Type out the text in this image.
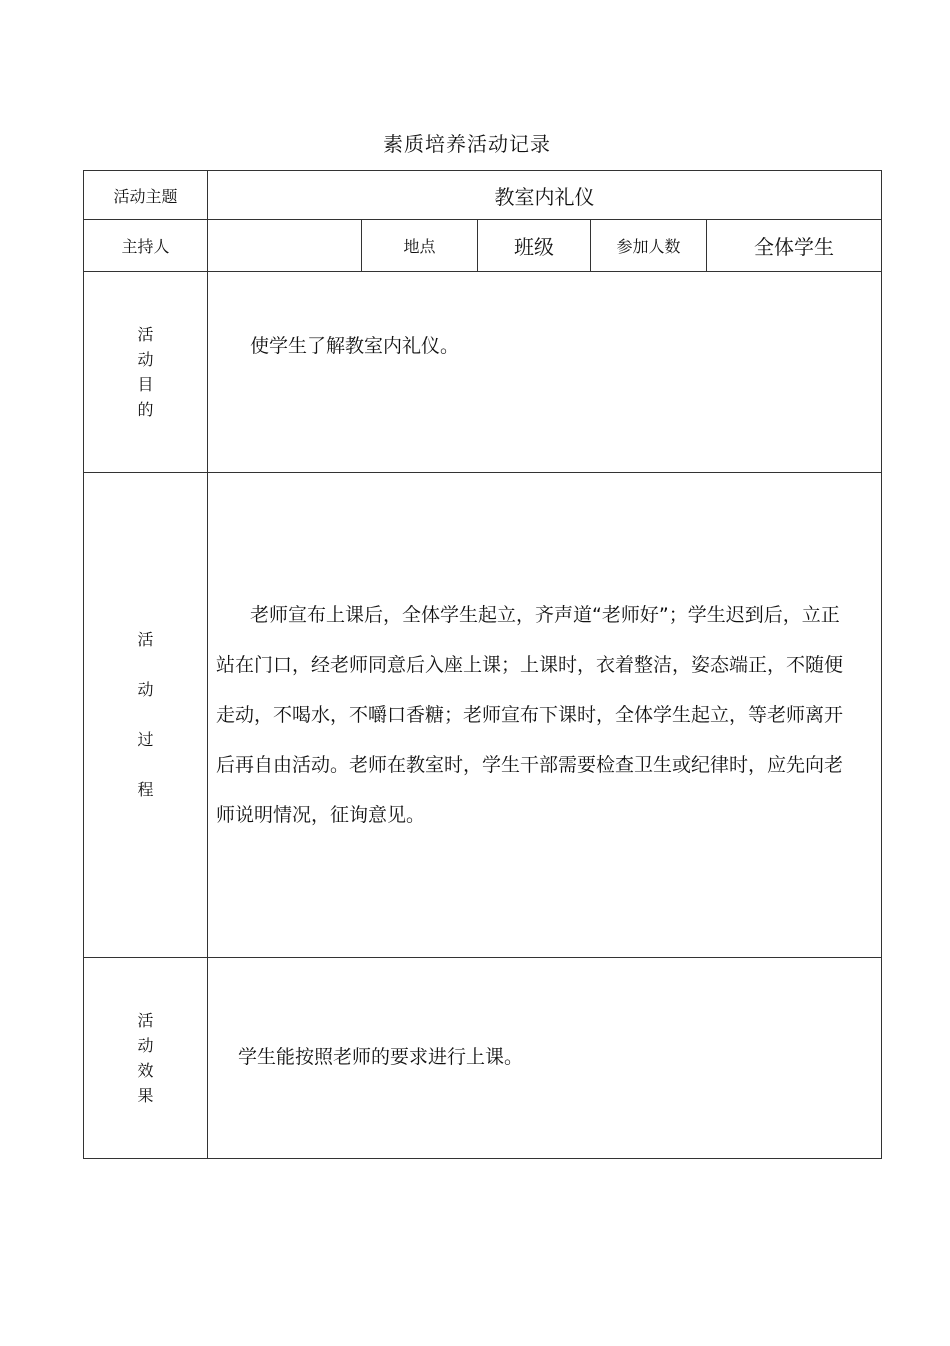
素质培养活动记录
活动主题	教室内礼仪				
主持人		地点	班级	参加人数	全体学生

活
动
目
的	使学生了解教室内礼仪。				

活
动
过
程	老师宣布上课后，全体学生起立，齐声道“老师好”；学生迟到后，立正站在门口，经老师同意后入座上课；上课时，衣着整洁，姿态端正，不随便走动，不喝水，不嚼口香糖；老师宣布下课时，全体学生起立，等老师离开后再自由活动。老师在教室时，学生干部需要检查卫生或纪律时，应先向老师说明情况，征询意见。				

活
动
效
果	学生能按照老师的要求进行上课。				
